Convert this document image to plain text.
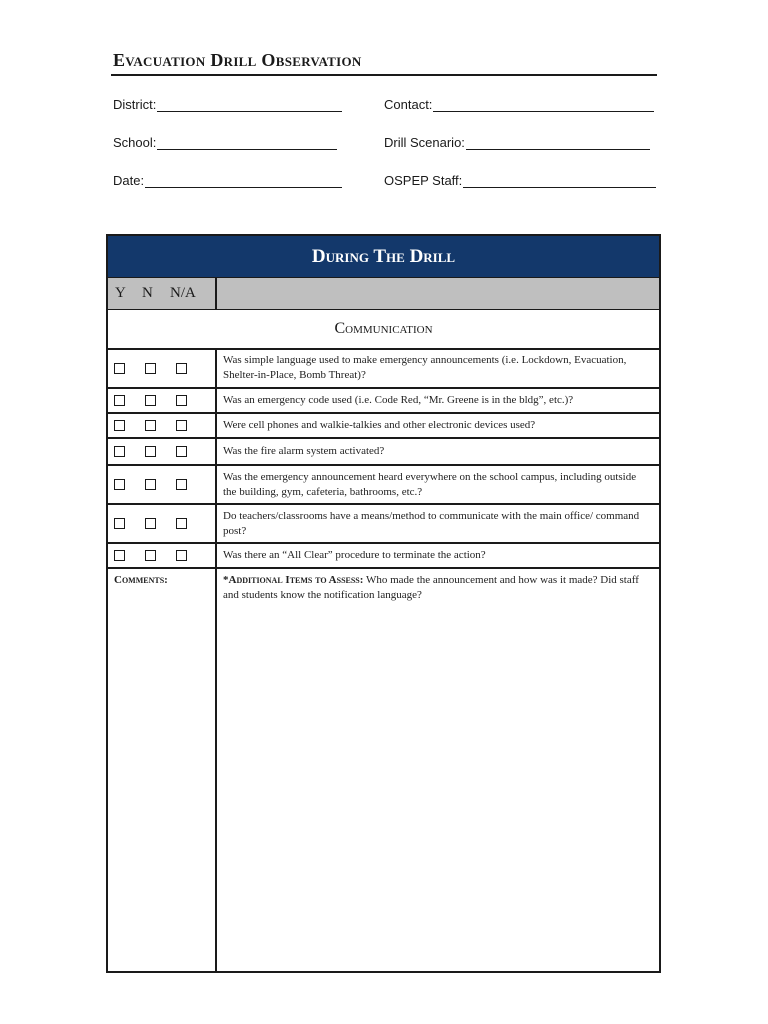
Evacuation Drill Observation
District:	Contact:
School:	Drill Scenario:
Date:	OSPEP Staff:
During The Drill
Y N N/A
Communication
Was simple language used to make emergency announcements (i.e. Lockdown, Evacuation, Shelter-in-Place, Bomb Threat)?
Was an emergency code used (i.e. Code Red, “Mr. Greene is in the bldg”, etc.)?
Were cell phones and walkie-talkies and other electronic devices used?
Was the fire alarm system activated?
Was the emergency announcement heard everywhere on the school campus, including outside the building, gym, cafeteria, bathrooms, etc.?
Do teachers/classrooms have a means/method to communicate with the main office/ command post?
Was there an “All Clear” procedure to terminate the action?
Comments:	*Additional Items to Assess: Who made the announcement and how was it made? Did staff and students know the notification language?
